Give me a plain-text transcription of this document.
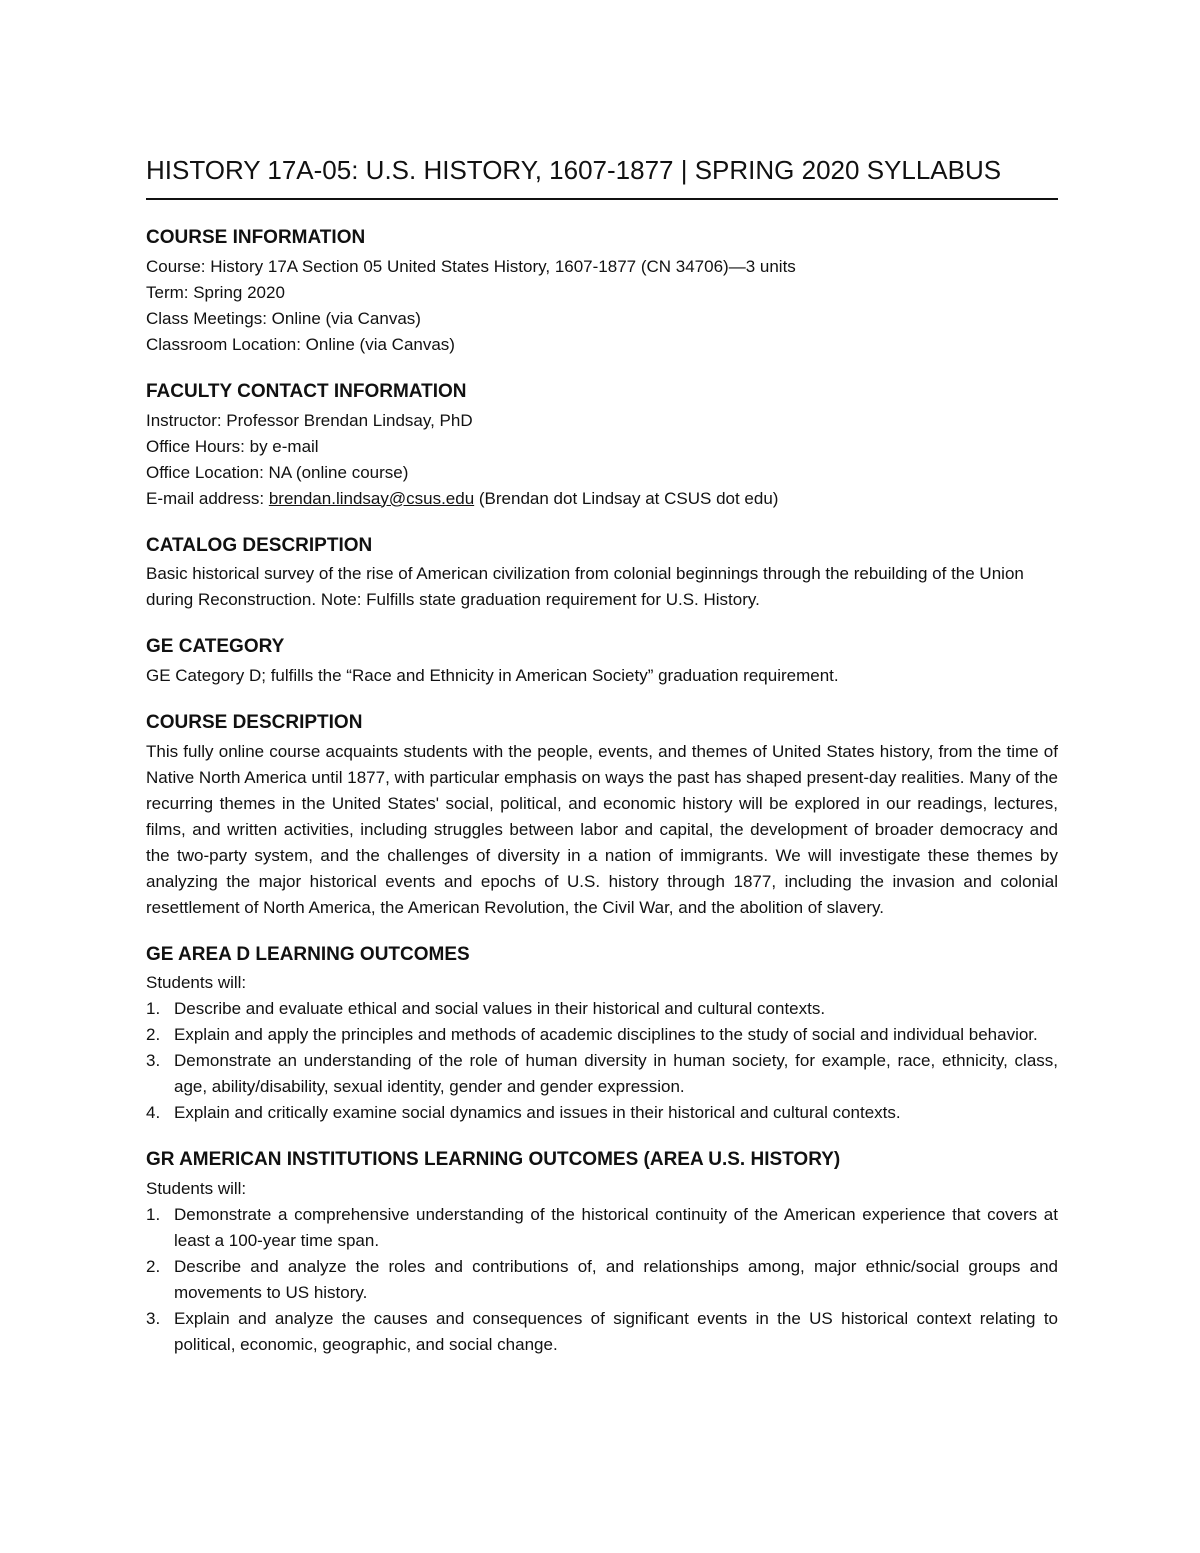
HISTORY 17A-05: U.S. HISTORY, 1607-1877 | SPRING 2020 SYLLABUS
COURSE INFORMATION

Course: History 17A Section 05 United States History, 1607-1877 (CN 34706)—3 units

Term: Spring 2020

Class Meetings: Online (via Canvas)

Classroom Location: Online (via Canvas)

FACULTY CONTACT INFORMATION

Instructor: Professor Brendan Lindsay, PhD

Office Hours: by e-mail

Office Location: NA (online course)

E-mail address: brendan.lindsay@csus.edu (Brendan dot Lindsay at CSUS dot edu)

CATALOG DESCRIPTION

Basic historical survey of the rise of American civilization from colonial beginnings through the rebuilding of the Union during Reconstruction. Note: Fulfills state graduation requirement for U.S. History.

GE CATEGORY

GE Category D; fulfills the “Race and Ethnicity in American Society” graduation requirement.

COURSE DESCRIPTION

This fully online course acquaints students with the people, events, and themes of United States history, from the time of Native North America until 1877, with particular emphasis on ways the past has shaped present-day realities. Many of the recurring themes in the United States' social, political, and economic history will be explored in our readings, lectures, films, and written activities, including struggles between labor and capital, the development of broader democracy and the two-party system, and the challenges of diversity in a nation of immigrants. We will investigate these themes by analyzing the major historical events and epochs of U.S. history through 1877, including the invasion and colonial resettlement of North America, the American Revolution, the Civil War, and the abolition of slavery.

GE AREA D LEARNING OUTCOMES

Students will:

1. Describe and evaluate ethical and social values in their historical and cultural contexts.
2. Explain and apply the principles and methods of academic disciplines to the study of social and individual behavior.
3. Demonstrate an understanding of the role of human diversity in human society, for example, race, ethnicity, class, age, ability/disability, sexual identity, gender and gender expression.
4. Explain and critically examine social dynamics and issues in their historical and cultural contexts.
GR AMERICAN INSTITUTIONS LEARNING OUTCOMES (AREA U.S. HISTORY)

Students will:

1. Demonstrate a comprehensive understanding of the historical continuity of the American experience that covers at least a 100-year time span.
2. Describe and analyze the roles and contributions of, and relationships among, major ethnic/social groups and movements to US history.
3. Explain and analyze the causes and consequences of significant events in the US historical context relating to political, economic, geographic, and social change.
